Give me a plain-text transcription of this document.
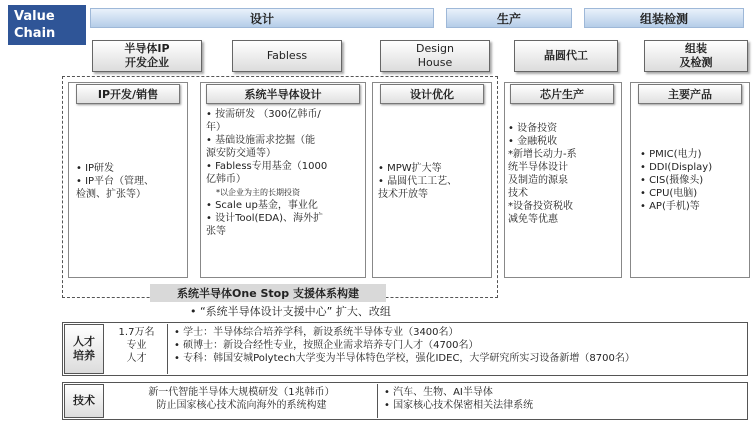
Value
Chain
设计	生产	组装检测
半导体IP
开发企业
Fabless
Design
House
晶圆代工
组装
及检测
IP开发/销售
• IP研发
• IP平台（管理、
检测、扩张等）
系统半导体设计
• 按需研发 （300亿韩币/
年）
• 基础设施需求挖掘（能
源安防交通等）
• Fabless专用基金（1000
亿韩币）
*以企业为主的长期投资
• Scale up基金，事业化
• 设计Tool(EDA)、海外扩
张等
设计优化
• MPW扩大等
• 晶圆代工工艺、
技术开放等
芯片生产
• 设备投资
• 金融税收
*新增长动力-系
统半导体设计
及制造的源泉
技术
*设备投资税收
减免等优惠
主要产品
• PMIC(电力)
• DDI(Display)
• CIS(摄像头)
• CPU(电脑)
• AP(手机)等
系统半导体One Stop 支援体系构建
• “系统半导体设计支援中心” 扩大、改组
人才
培养
1.7万名
专业
人才
• 学士：半导体综合培养学科，新设系统半导体专业（3400名）
• 硕博士：新设合经性专业，按照企业需求培养专门人才（4700名）
• 专科：韩国安城Polytech大学变为半导体特色学校，强化IDEC，大学研究所实习设备新增（8700名）
技术
新一代智能半导体大规模研发（1兆韩币）
防止国家核心技术流向海外的系统构建
• 汽车、生物、AI半导体
• 国家核心技术保密相关法律系统
